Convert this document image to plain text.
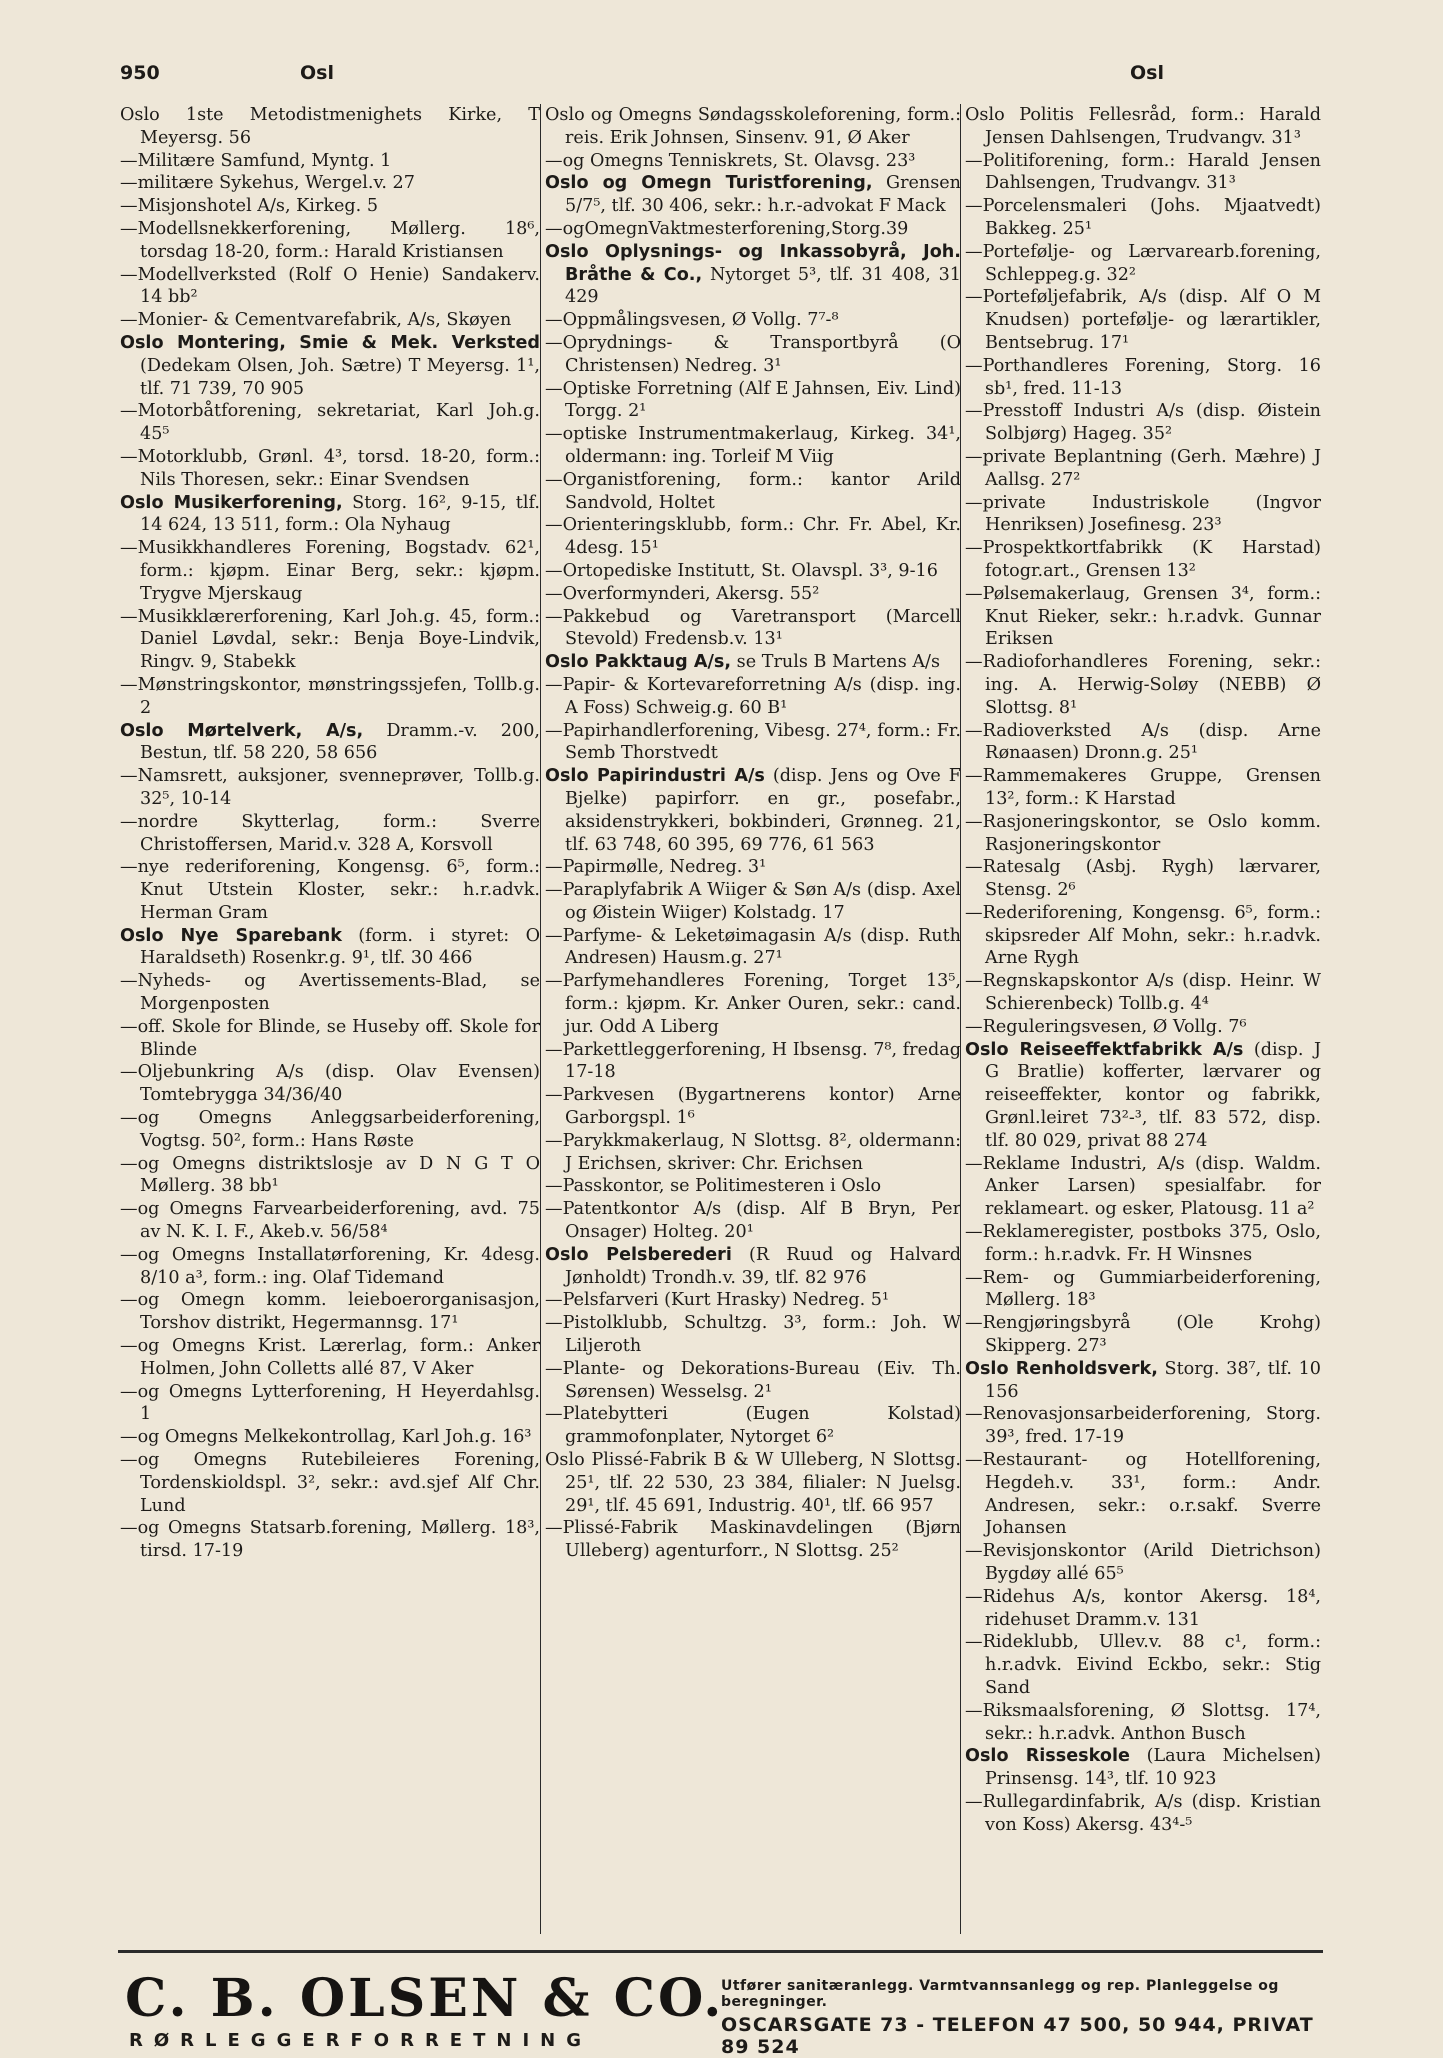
950	Osl	Osl
Oslo 1ste Metodistmenighets Kirke, T Meyersg. 56
—Militære Samfund, Myntg. 1
—militære Sykehus, Wergel.v. 27
—Misjonshotel A/s, Kirkeg. 5
—Modellsnekkerforening, Møllerg. 18⁶, torsdag 18-20, form.: Harald Kristiansen
—Modellverksted (Rolf O Henie) Sandakerv. 14 bb²
—Monier- & Cementvarefabrik, A/s, Skøyen
Oslo Montering, Smie & Mek. Verksted (Dedekam Olsen, Joh. Sætre) T Meyersg. 1¹, tlf. 71 739, 70 905
—Motorbåtforening, sekretariat, Karl Joh.g. 45⁵
—Motorklubb, Grønl. 4³, torsd. 18-20, form.: Nils Thoresen, sekr.: Einar Svendsen
Oslo Musikerforening, Storg. 16², 9-15, tlf. 14 624, 13 511, form.: Ola Nyhaug
—Musikkhandleres Forening, Bogstadv. 62¹, form.: kjøpm. Einar Berg, sekr.: kjøpm. Trygve Mjerskaug
—Musikklærerforening, Karl Joh.g. 45, form.: Daniel Løvdal, sekr.: Benja Boye-Lindvik, Ringv. 9, Stabekk
—Mønstringskontor, mønstringssjefen, Tollb.g. 2
Oslo Mørtelverk, A/s, Dramm.-v. 200, Bestun, tlf. 58 220, 58 656
—Namsrett, auksjoner, svenneprøver, Tollb.g. 32⁵, 10-14
—nordre Skytterlag, form.: Sverre Christoffersen, Marid.v. 328 A, Korsvoll
—nye rederiforening, Kongensg. 6⁵, form.: Knut Utstein Kloster, sekr.: h.r.advk. Herman Gram
Oslo Nye Sparebank (form. i styret: O Haraldseth) Rosenkr.g. 9¹, tlf. 30 466
—Nyheds- og Avertissements-Blad, se Morgenposten
—off. Skole for Blinde, se Huseby off. Skole for Blinde
—Oljebunkring A/s (disp. Olav Evensen) Tomtebrygga 34/36/40
—og Omegns Anleggsarbeiderforening, Vogtsg. 50², form.: Hans Røste
—og Omegns distriktslosje av D N G T O Møllerg. 38 bb¹
—og Omegns Farvearbeiderforening, avd. 75 av N. K. I. F., Akeb.v. 56/58⁴
—og Omegns Installatørforening, Kr. 4desg. 8/10 a³, form.: ing. Olaf Tidemand
—og Omegn komm. leieboerorganisasjon, Torshov distrikt, Hegermannsg. 17¹
—og Omegns Krist. Lærerlag, form.: Anker Holmen, John Colletts allé 87, V Aker
—og Omegns Lytterforening, H Heyerdahlsg. 1
—og Omegns Melkekontrollag, Karl Joh.g. 16³
—og Omegns Rutebileieres Forening, Tordenskioldspl. 3², sekr.: avd.sjef Alf Chr. Lund
—og Omegns Statsarb.forening, Møllerg. 18³, tirsd. 17-19
Oslo og Omegns Søndagsskoleforening, form.: reis. Erik Johnsen, Sinsenv. 91, Ø Aker
—og Omegns Tenniskrets, St. Olavsg. 23³
Oslo og Omegn Turistforening, Grensen 5/7⁵, tlf. 30 406, sekr.: h.r.-advokat F Mack
—ogOmegnVaktmesterforening,Storg.39
Oslo Oplysnings- og Inkassobyrå, Joh. Bråthe & Co., Nytorget 5³, tlf. 31 408, 31 429
—Oppmålingsvesen, Ø Vollg. 7⁷-⁸
—Oprydnings- & Transportbyrå (O Christensen) Nedreg. 3¹
—Optiske Forretning (Alf E Jahnsen, Eiv. Lind) Torgg. 2¹
—optiske Instrumentmakerlaug, Kirkeg. 34¹, oldermann: ing. Torleif M Viig
—Organistforening, form.: kantor Arild Sandvold, Holtet
—Orienteringsklubb, form.: Chr. Fr. Abel, Kr. 4desg. 15¹
—Ortopediske Institutt, St. Olavspl. 3³, 9-16
—Overformynderi, Akersg. 55²
—Pakkebud og Varetransport (Marcell Stevold) Fredensb.v. 13¹
Oslo Pakktaug A/s, se Truls B Martens A/s
—Papir- & Kortevareforretning A/s (disp. ing. A Foss) Schweig.g. 60 B¹
—Papirhandlerforening, Vibesg. 27⁴, form.: Fr. Semb Thorstvedt
Oslo Papirindustri A/s (disp. Jens og Ove F Bjelke) papirforr. en gr., posefabr., aksidenstrykkeri, bokbinderi, Grønneg. 21, tlf. 63 748, 60 395, 69 776, 61 563
—Papirmølle, Nedreg. 3¹
—Paraplyfabrik A Wiiger & Søn A/s (disp. Axel og Øistein Wiiger) Kolstadg. 17
—Parfyme- & Leketøimagasin A/s (disp. Ruth Andresen) Hausm.g. 27¹
—Parfymehandleres Forening, Torget 13⁵, form.: kjøpm. Kr. Anker Ouren, sekr.: cand. jur. Odd A Liberg
—Parkettleggerforening, H Ibsensg. 7⁸, fredag 17-18
—Parkvesen (Bygartnerens kontor) Arne Garborgspl. 1⁶
—Parykkmakerlaug, N Slottsg. 8², oldermann: J Erichsen, skriver: Chr. Erichsen
—Passkontor, se Politimesteren i Oslo
—Patentkontor A/s (disp. Alf B Bryn, Per Onsager) Holteg. 20¹
Oslo Pelsberederi (R Ruud og Halvard Jønholdt) Trondh.v. 39, tlf. 82 976
—Pelsfarveri (Kurt Hrasky) Nedreg. 5¹
—Pistolklubb, Schultzg. 3³, form.: Joh. W Liljeroth
—Plante- og Dekorations-Bureau (Eiv. Th. Sørensen) Wesselsg. 2¹
—Platebytteri (Eugen Kolstad) grammofonplater, Nytorget 6²
Oslo Plissé-Fabrik B & W Ulleberg, N Slottsg. 25¹, tlf. 22 530, 23 384, filialer: N Juelsg. 29¹, tlf. 45 691, Industrig. 40¹, tlf. 66 957
—Plissé-Fabrik Maskinavdelingen (Bjørn Ulleberg) agenturforr., N Slottsg. 25²
Oslo Politis Fellesråd, form.: Harald Jensen Dahlsengen, Trudvangv. 31³
—Politiforening, form.: Harald Jensen Dahlsengen, Trudvangv. 31³
—Porcelensmaleri (Johs. Mjaatvedt) Bakkeg. 25¹
—Portefølje- og Lærvarearb.forening, Schleppeg.g. 32²
—Porteføljefabrik, A/s (disp. Alf O M Knudsen) portefølje- og lærartikler, Bentsebrug. 17¹
—Porthandleres Forening, Storg. 16 sb¹, fred. 11-13
—Presstoff Industri A/s (disp. Øistein Solbjørg) Hageg. 35²
—private Beplantning (Gerh. Mæhre) J Aallsg. 27²
—private Industriskole (Ingvor Henriksen) Josefinesg. 23³
—Prospektkortfabrikk (K Harstad) fotogr.art., Grensen 13²
—Pølsemakerlaug, Grensen 3⁴, form.: Knut Rieker, sekr.: h.r.advk. Gunnar Eriksen
—Radioforhandleres Forening, sekr.: ing. A. Herwig-Soløy (NEBB) Ø Slottsg. 8¹
—Radioverksted A/s (disp. Arne Rønaasen) Dronn.g. 25¹
—Rammemakeres Gruppe, Grensen 13², form.: K Harstad
—Rasjoneringskontor, se Oslo komm. Rasjoneringskontor
—Ratesalg (Asbj. Rygh) lærvarer, Stensg. 2⁶
—Rederiforening, Kongensg. 6⁵, form.: skipsreder Alf Mohn, sekr.: h.r.advk. Arne Rygh
—Regnskapskontor A/s (disp. Heinr. W Schierenbeck) Tollb.g. 4⁴
—Reguleringsvesen, Ø Vollg. 7⁶
Oslo Reiseeffektfabrikk A/s (disp. J G Bratlie) kofferter, lærvarer og reiseeffekter, kontor og fabrikk, Grønl.leiret 73²-³, tlf. 83 572, disp. tlf. 80 029, privat 88 274
—Reklame Industri, A/s (disp. Waldm. Anker Larsen) spesialfabr. for reklameart. og esker, Platousg. 11 a²
—Reklameregister, postboks 375, Oslo, form.: h.r.advk. Fr. H Winsnes
—Rem- og Gummiarbeiderforening, Møllerg. 18³
—Rengjøringsbyrå (Ole Krohg) Skipperg. 27³
Oslo Renholdsverk, Storg. 38⁷, tlf. 10 156
—Renovasjonsarbeiderforening, Storg. 39³, fred. 17-19
—Restaurant- og Hotellforening, Hegdeh.v. 33¹, form.: Andr. Andresen, sekr.: o.r.sakf. Sverre Johansen
—Revisjonskontor (Arild Dietrichson) Bygdøy allé 65⁵
—Ridehus A/s, kontor Akersg. 18⁴, ridehuset Dramm.v. 131
—Rideklubb, Ullev.v. 88 c¹, form.: h.r.advk. Eivind Eckbo, sekr.: Stig Sand
—Riksmaalsforening, Ø Slottsg. 17⁴, sekr.: h.r.advk. Anthon Busch
Oslo Risseskole (Laura Michelsen) Prinsensg. 14³, tlf. 10 923
—Rullegardinfabrik, A/s (disp. Kristian von Koss) Akersg. 43⁴-⁵
C. B. OLSEN & CO.
RØRLEGGERFORRETNING
Utfører sanitæranlegg. Varmtvannsanlegg og rep. Planleggelse og beregninger.
OSCARSGATE 73 - TELEFON 47 500, 50 944, PRIVAT 89 524
